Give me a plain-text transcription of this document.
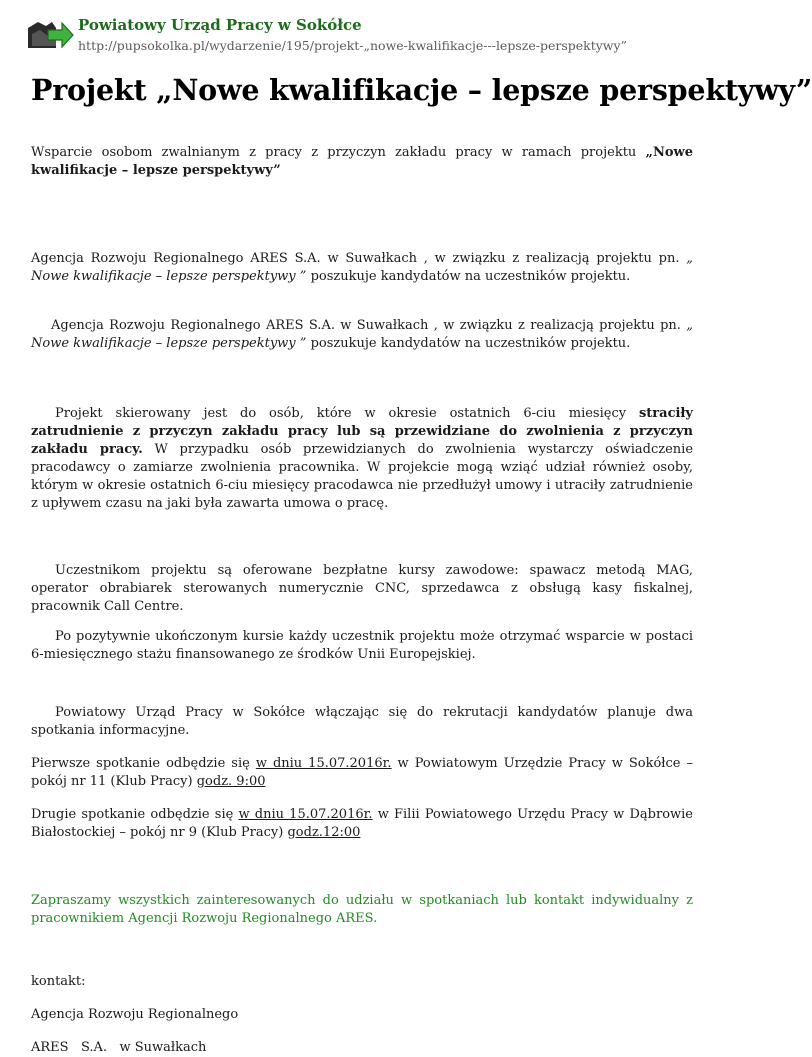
Powiatowy Urząd Pracy w Sokółce

http://pupsokolka.pl/wydarzenie/195/projekt-„nowe-kwalifikacje---lepsze-perspektywy”

Projekt „Nowe kwalifikacje – lepsze perspektywy”

Wsparcie osobom zwalnianym z pracy z przyczyn zakładu pracy w ramach projektu „Nowe kwalifikacje – lepsze perspektywy”

Agencja Rozwoju Regionalnego ARES S.A. w Suwałkach , w związku z realizacją projektu pn. „ Nowe kwalifikacje – lepsze perspektywy ” poszukuje kandydatów na uczestników projektu.

Agencja Rozwoju Regionalnego ARES S.A. w Suwałkach , w związku z realizacją projektu pn. „ Nowe kwalifikacje – lepsze perspektywy ” poszukuje kandydatów na uczestników projektu.

Projekt skierowany jest do osób, które w okresie ostatnich 6-ciu miesięcy straciły zatrudnienie z przyczyn zakładu pracy lub są przewidziane do zwolnienia z przyczyn zakładu pracy. W przypadku osób przewidzianych do zwolnienia wystarczy oświadczenie pracodawcy o zamiarze zwolnienia pracownika. W projekcie mogą wziąć udział również osoby, którym w okresie ostatnich 6-ciu miesięcy pracodawca nie przedłużył umowy i utraciły zatrudnienie z upływem czasu na jaki była zawarta umowa o pracę.

Uczestnikom projektu są oferowane bezpłatne kursy zawodowe: spawacz metodą MAG, operator obrabiarek sterowanych numerycznie CNC, sprzedawca z obsługą kasy fiskalnej, pracownik Call Centre.

Po pozytywnie ukończonym kursie każdy uczestnik projektu może otrzymać wsparcie w postaci 6-miesięcznego stażu finansowanego ze środków Unii Europejskiej.

Powiatowy Urząd Pracy w Sokółce włączając się do rekrutacji kandydatów planuje dwa spotkania informacyjne.

Pierwsze spotkanie odbędzie się w dniu 15.07.2016r. w Powiatowym Urzędzie Pracy w Sokółce – pokój nr 11 (Klub Pracy) godz. 9:00

Drugie spotkanie odbędzie się w dniu 15.07.2016r. w Filii Powiatowego Urzędu Pracy w Dąbrowie Białostockiej – pokój nr 9 (Klub Pracy) godz.12:00

Zapraszamy wszystkich zainteresowanych do udziału w spotkaniach lub kontakt indywidualny z pracownikiem Agencji Rozwoju Regionalnego ARES.

kontakt:

Agencja Rozwoju Regionalnego

ARES   S.A.   w Suwałkach
